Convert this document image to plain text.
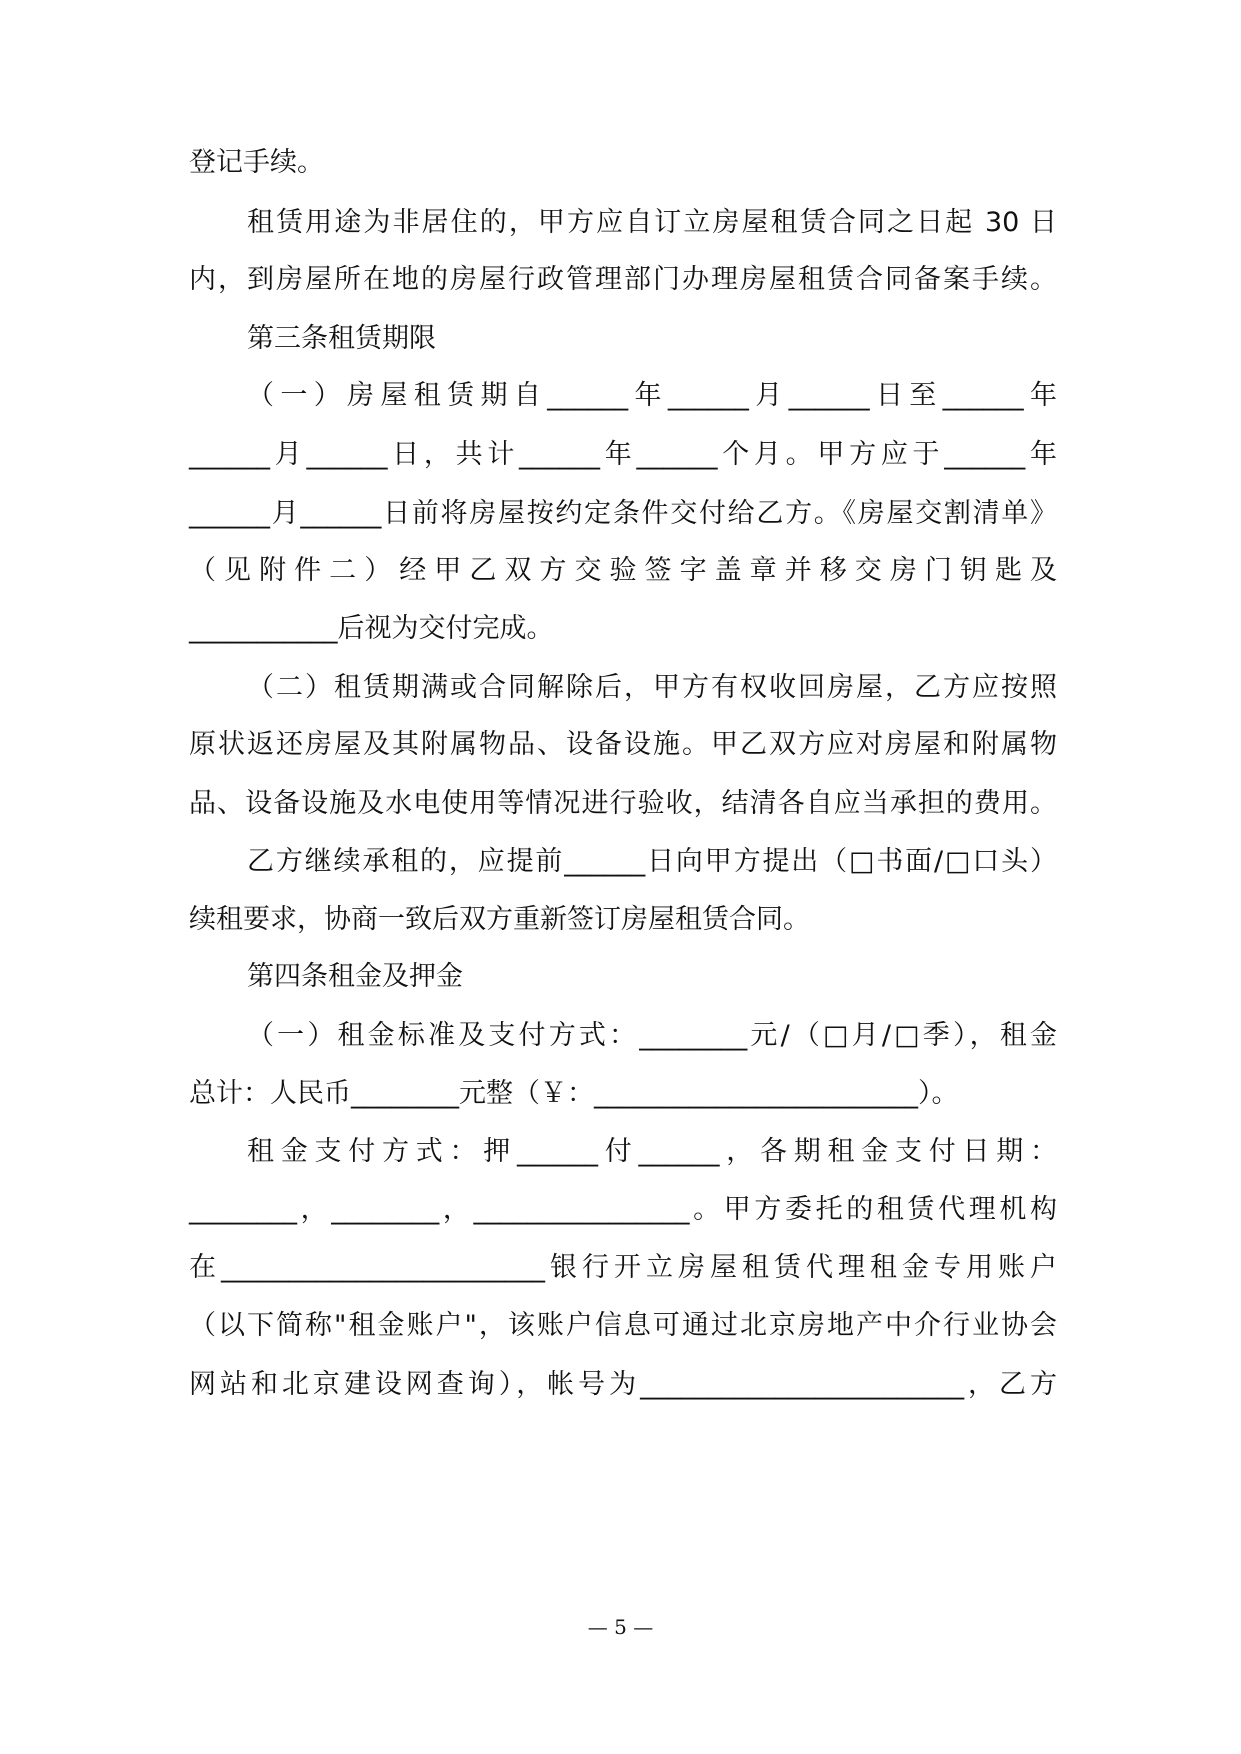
登记手续。
租赁用途为非居住的，甲方应自订立房屋租赁合同之日起 30 日
内，到房屋所在地的房屋行政管理部门办理房屋租赁合同备案手续。
第三条租赁期限
（一）房屋租赁期自______年______月______日至______年
______月______日，共计______年______个月。甲方应于______年
______月______日前将房屋按约定条件交付给乙方。《房屋交割清单》
（见附件二）经甲乙双方交验签字盖章并移交房门钥匙及
___________后视为交付完成。
（二）租赁期满或合同解除后，甲方有权收回房屋，乙方应按照
原状返还房屋及其附属物品、设备设施。甲乙双方应对房屋和附属物
品、设备设施及水电使用等情况进行验收，结清各自应当承担的费用。
乙方继续承租的，应提前______日向甲方提出（□书面/□口头）
续租要求，协商一致后双方重新签订房屋租赁合同。
第四条租金及押金
（一）租金标准及支付方式：________元/（□月/□季），租金
总计：人民币________元整（￥：________________________）。
租金支付方式：押______付______，各期租金支付日期：
________，________，________________。甲方委托的租赁代理机构
在________________________银行开立房屋租赁代理租金专用账户
（以下简称"租金账户"，该账户信息可通过北京房地产中介行业协会
网站和北京建设网查询），帐号为________________________，乙方
— 5 —
